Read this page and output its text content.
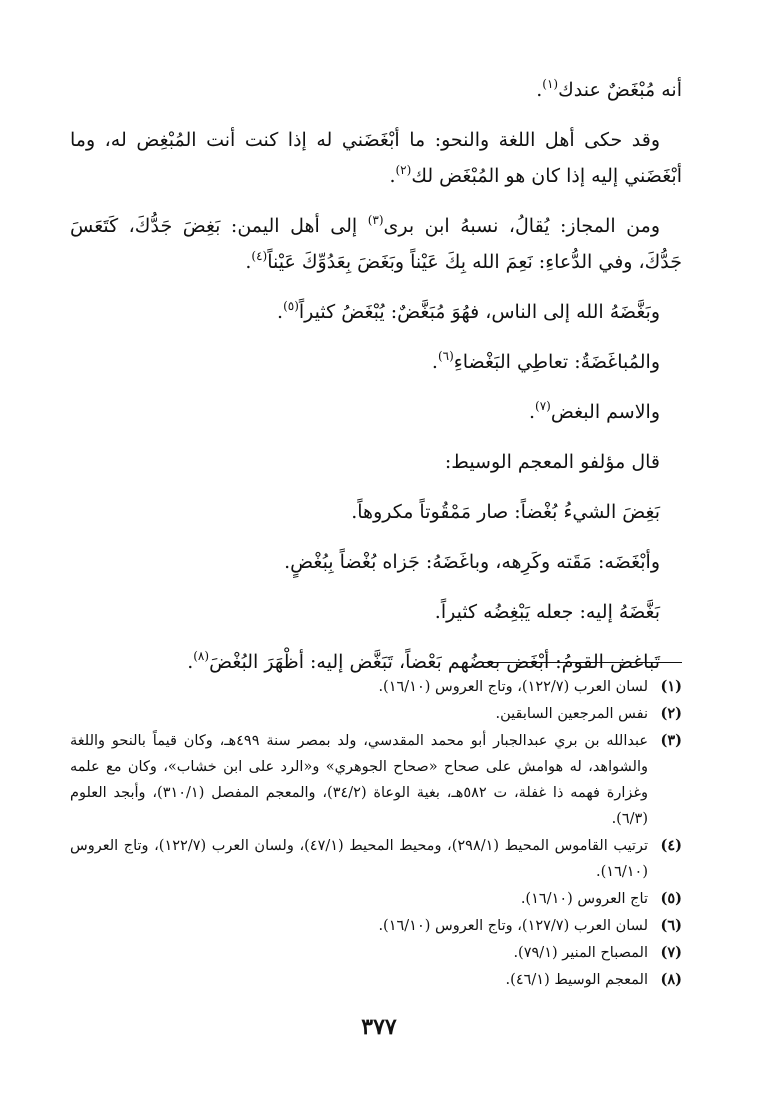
أنه مُبْغَضٌ عندك$^{(١)}$.

وقد حكى أهل اللغة والنحو: ما أبْغَضَني له إذا كنت أنت المُبْغِض له، وما أبْغَضَني إليه إذا كان هو المُبْغَض لك$^{(٢)}$.

ومن المجاز: يُقالُ، نسبهُ ابن برى$^{(٣)}$ إلى أهل اليمن: بَغِضَ جَدُّكَ، كَتَعَسَ جَدُّكَ، وفي الدُّعاءِ: نَعِمَ الله بِكَ عَيْناً وبَغَضَ بِعَدُوِّكَ عَيْناً$^{(٤)}$.

وبَغَّضَهُ الله إلى الناس، فهُوَ مُبَغَّضٌ: يُبْغَضُ كثيراً$^{(٥)}$.

والمُباغَضَةُ: تعاطِي البَغْضاءِ$^{(٦)}$.

والاسم البغض$^{(٧)}$.

قال مؤلفو المعجم الوسيط:

بَغِضَ الشيءُ بُغْضاً: صار مَمْقُوتاً مكروهاً.

وأبْغَضَه: مَقَته وكَرِهه، وباغَضَهُ: جَزاه بُغْضاً بِبُغْضٍ.

بَغَّضَهُ إليه: جعله يَبْغِضُه كثيراً.

تَباغض القومُ: أبْغَض بعضُهم بَعْضاً، تَبَغَّض إليه: أظْهَرَ البُغْضَ$^{(٨)}$.

(١)
لسان العرب (١٢٢/٧)، وتاج العروس (١٦/١٠).
(٢)
نفس المرجعين السابقين.
(٣)
عبدالله بن بري عبدالجبار أبو محمد المقدسي، ولد بمصر سنة ٤٩٩هـ، وكان قيماً بالنحو واللغة والشواهد، له هوامش على صحاح «صحاح الجوهري» و«الرد على ابن خشاب»، وكان مع علمه وغزارة فهمه ذا غفلة، ت ٥٨٢هـ، بغية الوعاة (٣٤/٢)، والمعجم المفصل (٣١٠/١)، وأبجد العلوم (٦/٣).
(٤)
ترتيب القاموس المحيط (٢٩٨/١)، ومحيط المحيط (٤٧/١)، ولسان العرب (١٢٢/٧)، وتاج العروس (١٦/١٠).
(٥)
تاج العروس (١٦/١٠).
(٦)
لسان العرب (١٢٧/٧)، وتاج العروس (١٦/١٠).
(٧)
المصباح المنير (٧٩/١).
(٨)
المعجم الوسيط (٤٦/١).
٣٧٧
